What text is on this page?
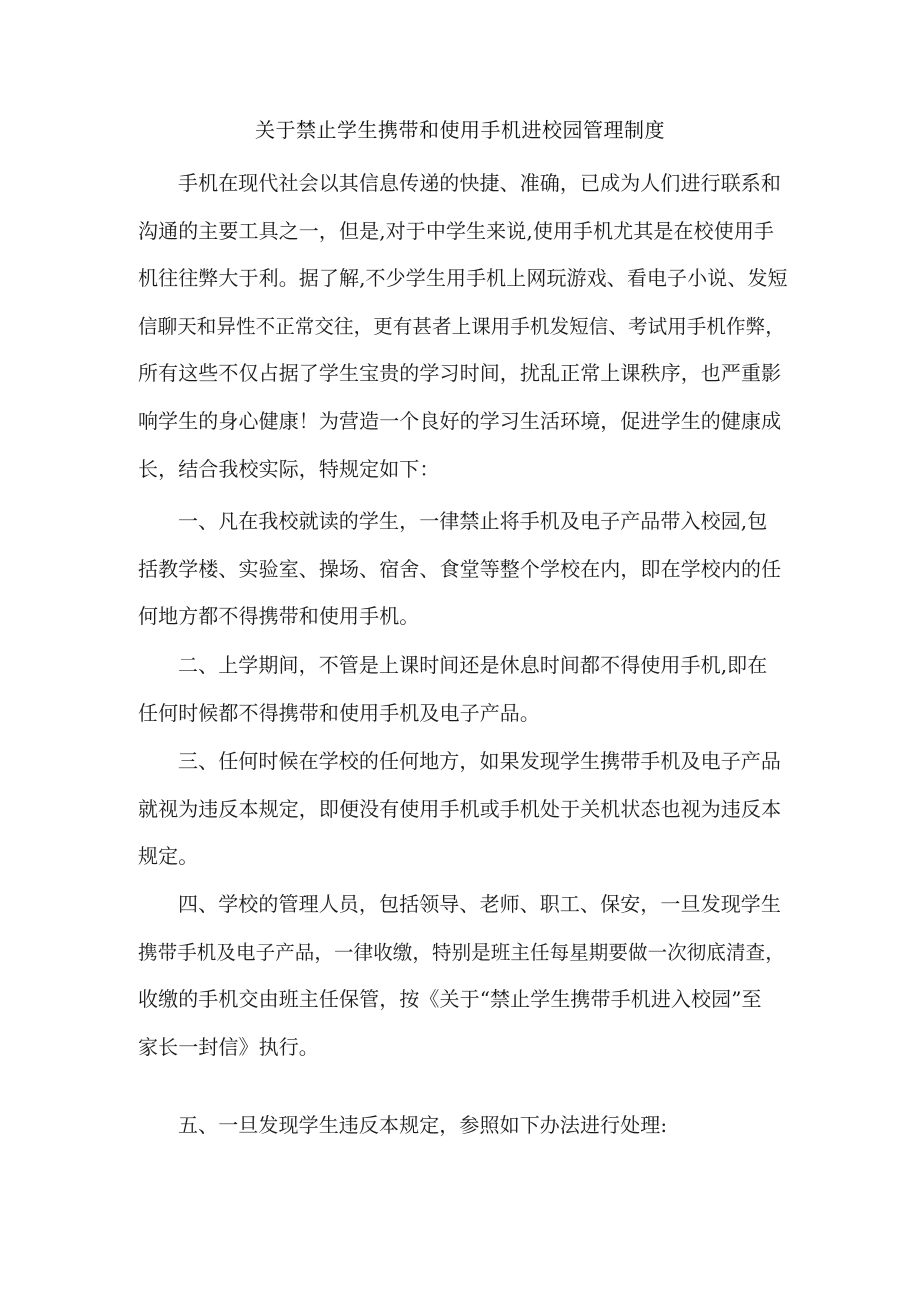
关于禁止学生携带和使用手机进校园管理制度
手机在现代社会以其信息传递的快捷、准确，已成为人们进行联系和
沟通的主要工具之一，但是,对于中学生来说,使用手机尤其是在校使用手
机往往弊大于利。据了解,不少学生用手机上网玩游戏、看电子小说、发短
信聊天和异性不正常交往，更有甚者上课用手机发短信、考试用手机作弊，
所有这些不仅占据了学生宝贵的学习时间，扰乱正常上课秩序，也严重影
响学生的身心健康！为营造一个良好的学习生活环境，促进学生的健康成
长，结合我校实际，特规定如下：
一、凡在我校就读的学生，一律禁止将手机及电子产品带入校园,包
括教学楼、实验室、操场、宿舍、食堂等整个学校在内，即在学校内的任
何地方都不得携带和使用手机。
二、上学期间，不管是上课时间还是休息时间都不得使用手机,即在
任何时候都不得携带和使用手机及电子产品。
三、任何时候在学校的任何地方，如果发现学生携带手机及电子产品
就视为违反本规定，即便没有使用手机或手机处于关机状态也视为违反本
规定。
四、学校的管理人员，包括领导、老师、职工、保安，一旦发现学生
携带手机及电子产品，一律收缴，特别是班主任每星期要做一次彻底清查，
收缴的手机交由班主任保管，按《关于“禁止学生携带手机进入校园”至
家长一封信》执行。
五、一旦发现学生违反本规定，参照如下办法进行处理:
